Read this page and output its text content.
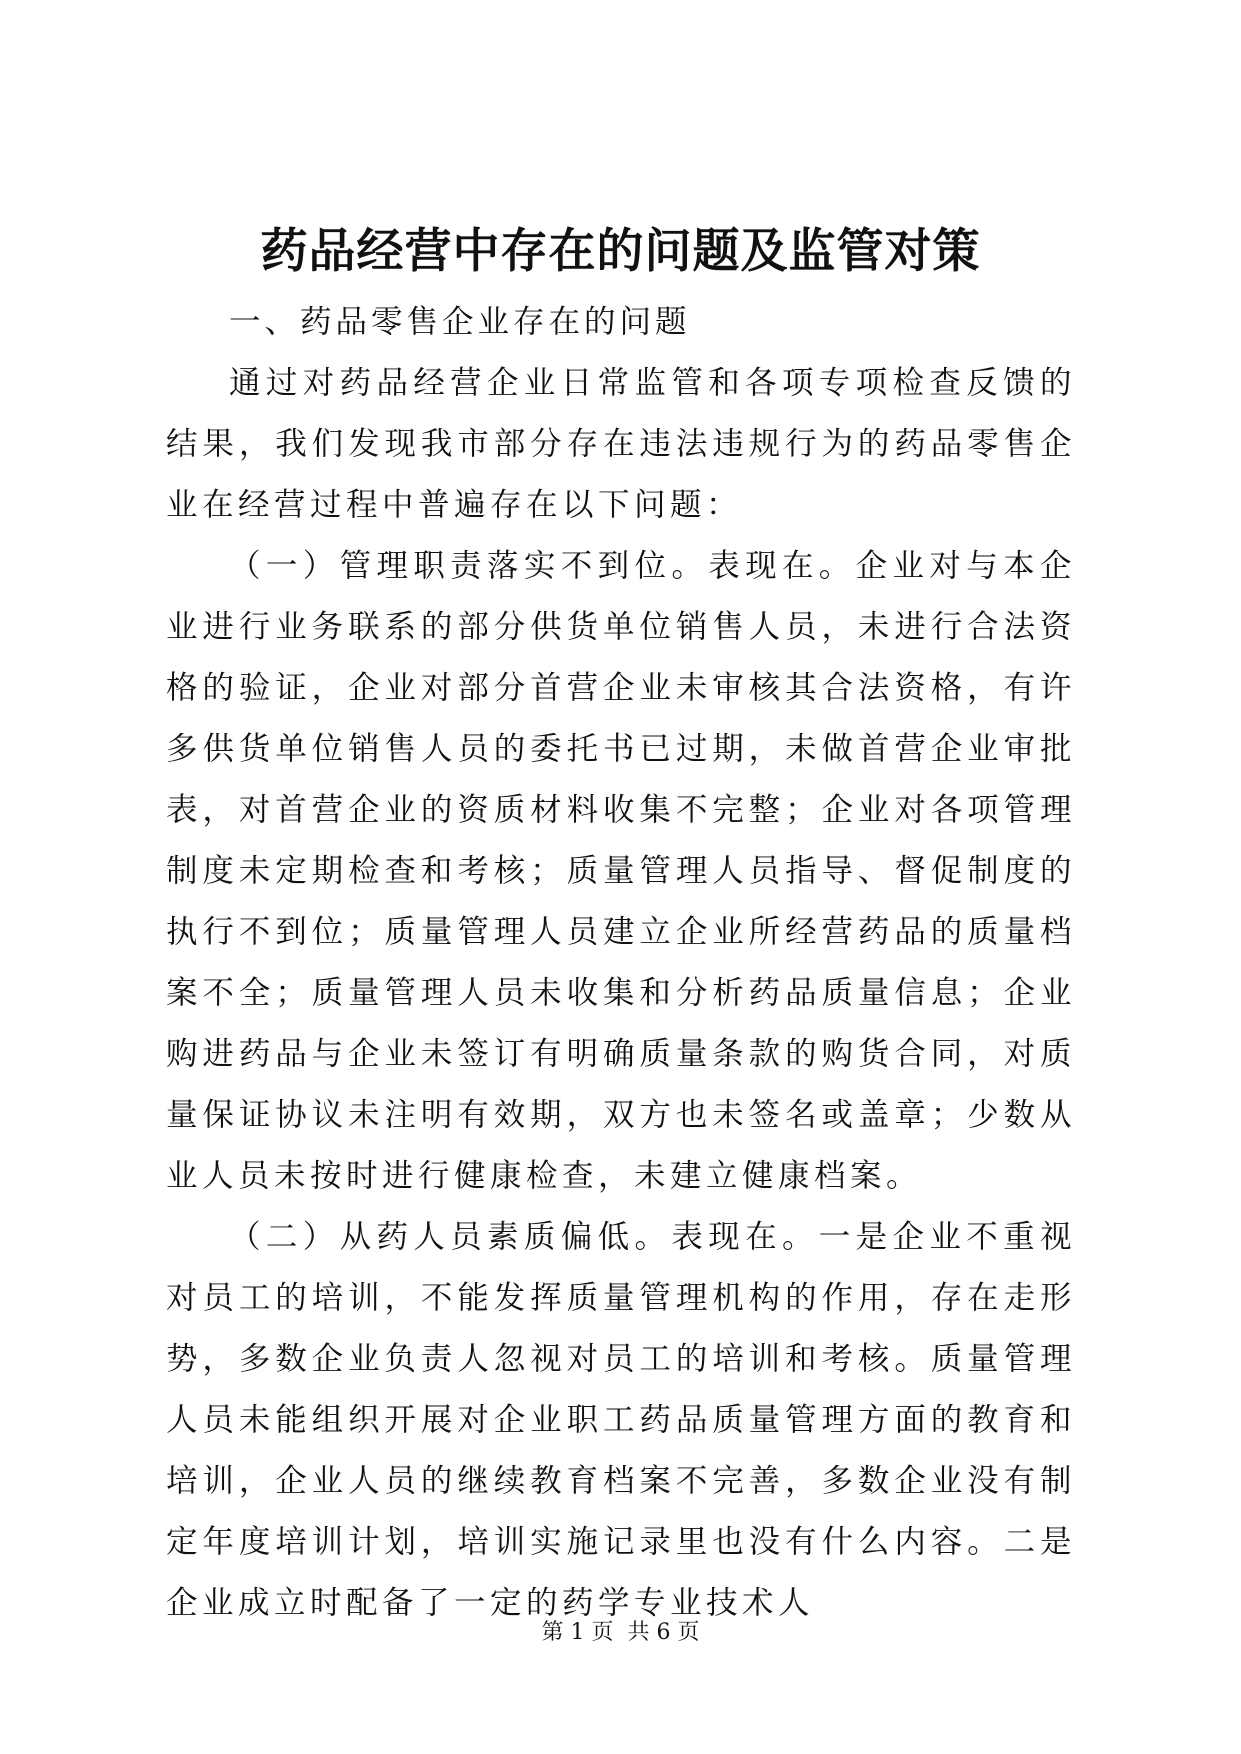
药品经营中存在的问题及监管对策

一、药品零售企业存在的问题

通过对药品经营企业日常监管和各项专项检查反馈的结果，我们发现我市部分存在违法违规行为的药品零售企业在经营过程中普遍存在以下问题：

（一）管理职责落实不到位。表现在。企业对与本企业进行业务联系的部分供货单位销售人员，未进行合法资格的验证，企业对部分首营企业未审核其合法资格，有许多供货单位销售人员的委托书已过期，未做首营企业审批表，对首营企业的资质材料收集不完整；企业对各项管理制度未定期检查和考核；质量管理人员指导、督促制度的执行不到位；质量管理人员建立企业所经营药品的质量档案不全；质量管理人员未收集和分析药品质量信息；企业购进药品与企业未签订有明确质量条款的购货合同，对质量保证协议未注明有效期，双方也未签名或盖章；少数从业人员未按时进行健康检查，未建立健康档案。

（二）从药人员素质偏低。表现在。一是企业不重视对员工的培训，不能发挥质量管理机构的作用，存在走形势，多数企业负责人忽视对员工的培训和考核。质量管理人员未能组织开展对企业职工药品质量管理方面的教育和培训，企业人员的继续教育档案不完善，多数企业没有制定年度培训计划，培训实施记录里也没有什么内容。二是企业成立时配备了一定的药学专业技术人

第 1 页 共 6 页
